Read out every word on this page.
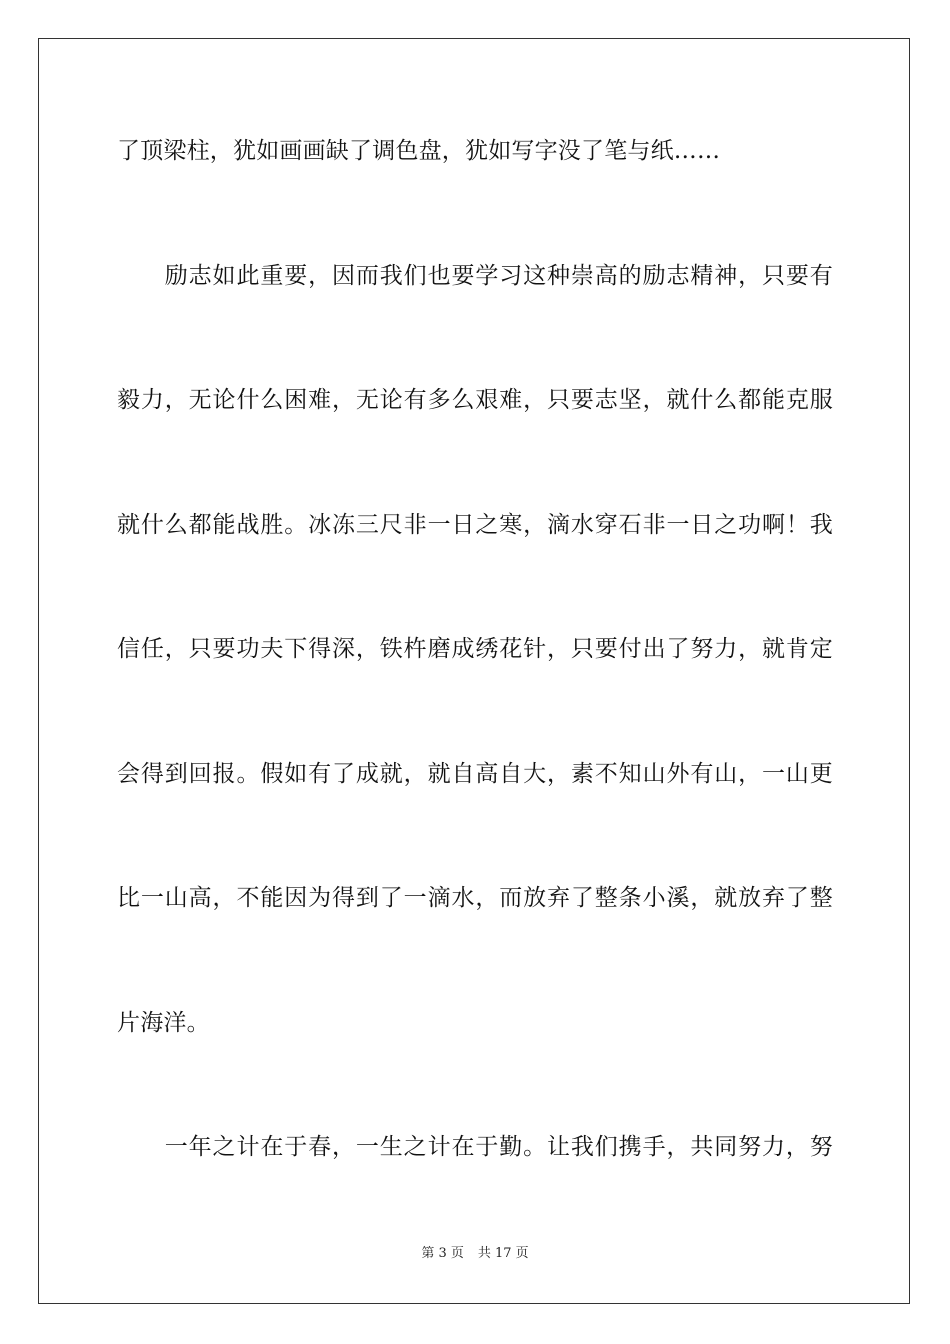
了顶梁柱，犹如画画缺了调色盘，犹如写字没了笔与纸……
　　励志如此重要，因而我们也要学习这种崇高的励志精神，只要有
毅力，无论什么困难，无论有多么艰难，只要志坚，就什么都能克服
就什么都能战胜。冰冻三尺非一日之寒，滴水穿石非一日之功啊！我
信任，只要功夫下得深，铁杵磨成绣花针，只要付出了努力，就肯定
会得到回报。假如有了成就，就自高自大，素不知山外有山，一山更
比一山高，不能因为得到了一滴水，而放弃了整条小溪，就放弃了整
片海洋。
　　一年之计在于春，一生之计在于勤。让我们携手，共同努力，努
第 3 页 共 17 页
